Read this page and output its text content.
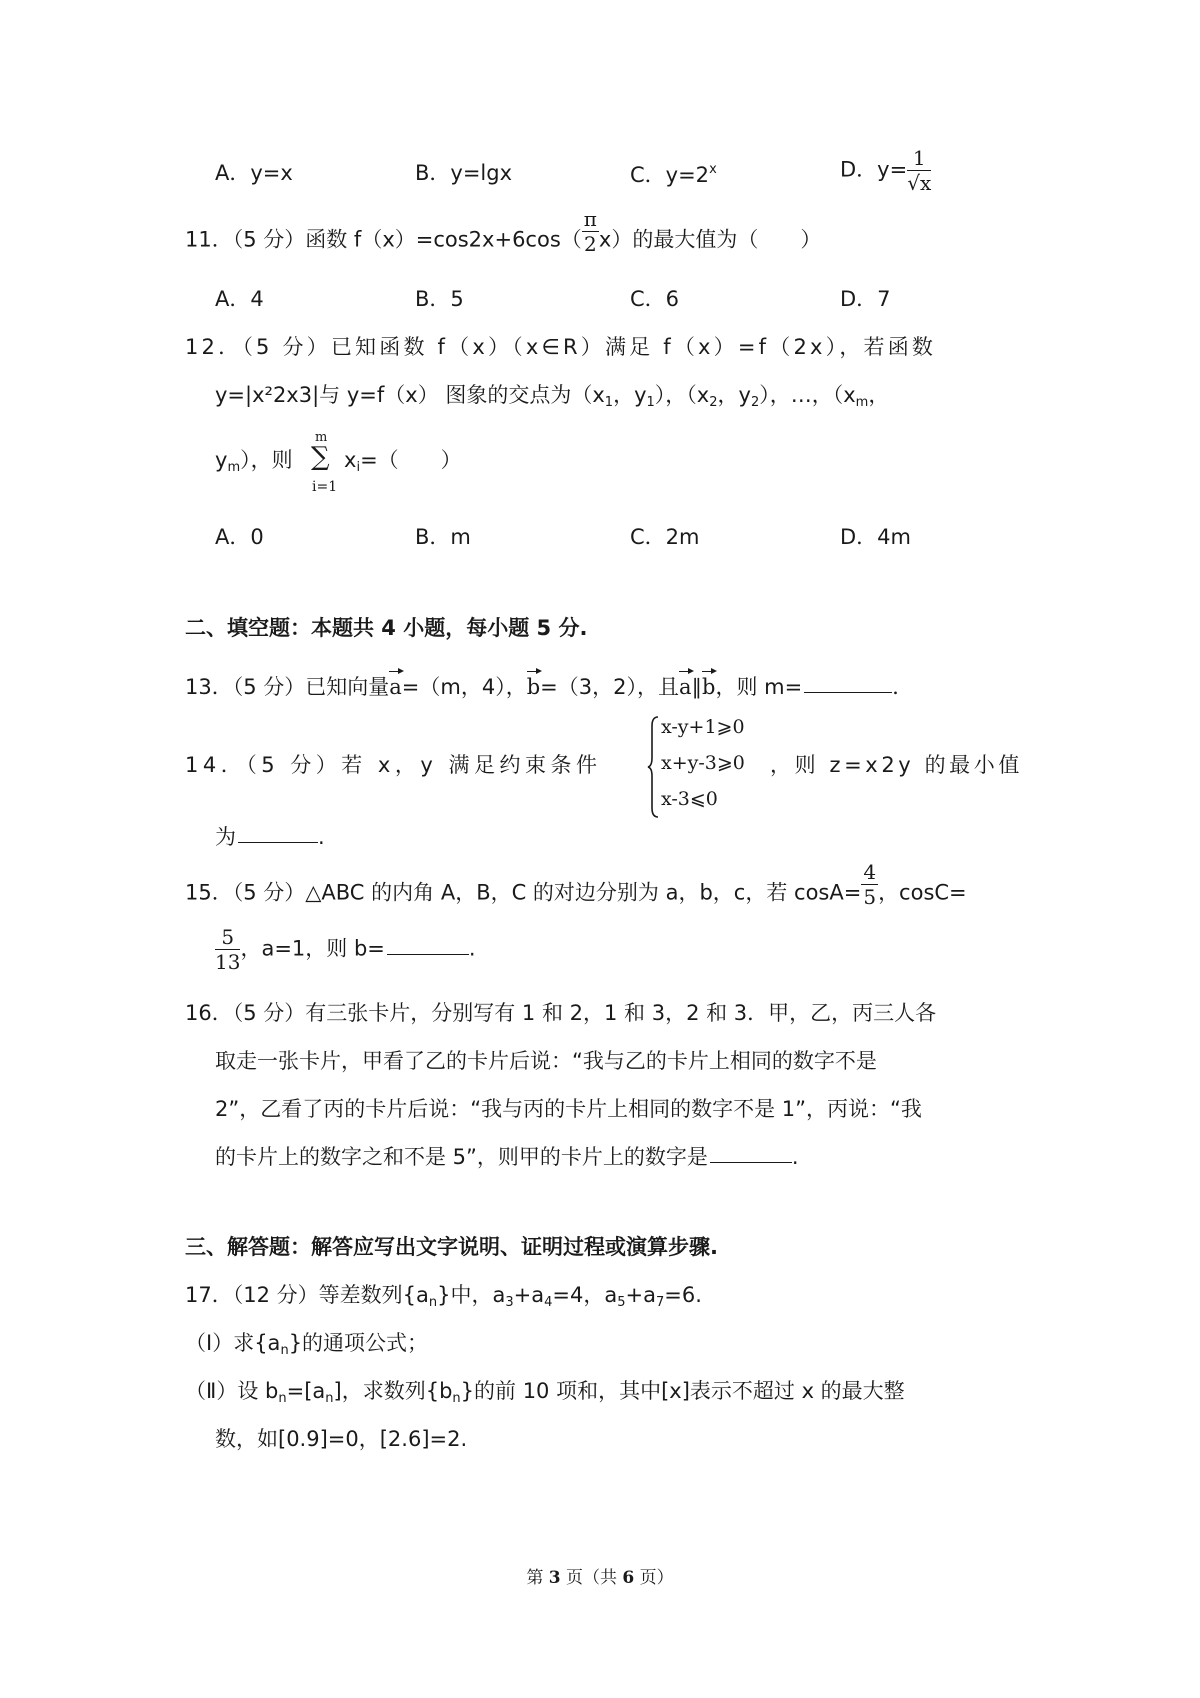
A．y=x	B．y=lgx	C．$y=2^x$	D．$y= \frac{1}{√x}$
11．（5 分）函数 $f(x)=\cos 2x+6\cos( \frac{\pi}{2} x)$的最大值为（　　）
A．4	B．5	C．6	D．7
12．（5 分）已知函数 f（x）（x∈R）满足 f（x）=f（2x），若函数
y=|x²2x3|与 y=f（x） 图象的交点为（$x_1$，$y_1$），（$x_2$，$y_2$），…，（$x_m$，
$y_m$），则
m
∑
i=1
$x_i=$（　　）
A．0	B．m	C．2m	D．4m
二、填空题：本题共 4 小题，每小题 5 分.
13．（5 分）已知向量a=（m，4），b=（3，2），且a∥b，则 m=	．
14．（5 分）若 x，y 满足约束条件
x-y+1⩾0
x+y-3⩾0
x-3⩽0
，则 z=x2y 的最小值
为	.
15．（5 分）△ABC 的内角 A，B，C 的对边分别为 a，b，c，若 $\cos A= \frac{4}{5}$ ，cosC=
$\frac{5}{13}$ ，a=1，则 b=	.
16．（5 分）有三张卡片，分别写有 1 和 2，1 和 3，2 和 3．甲，乙，丙三人各
取走一张卡片，甲看了乙的卡片后说：“我与乙的卡片上相同的数字不是
2”，乙看了丙的卡片后说：“我与丙的卡片上相同的数字不是 1”，丙说：“我
的卡片上的数字之和不是 5”，则甲的卡片上的数字是	.
三、解答题：解答应写出文字说明、证明过程或演算步骤.
17．（12 分）等差数列$\{a_n\}$中，$a_3+a_4=4$，$a_5+a_7=6$.
（Ⅰ）求$\{a_n\}$的通项公式；
（Ⅱ）设 $b_n=[a_n]$，求数列$\{b_n\}$的前 10 项和，其中[x]表示不超过 x 的最大整
数，如[0.9]=0，[2.6]=2.
第 3 页（共 6 页）
